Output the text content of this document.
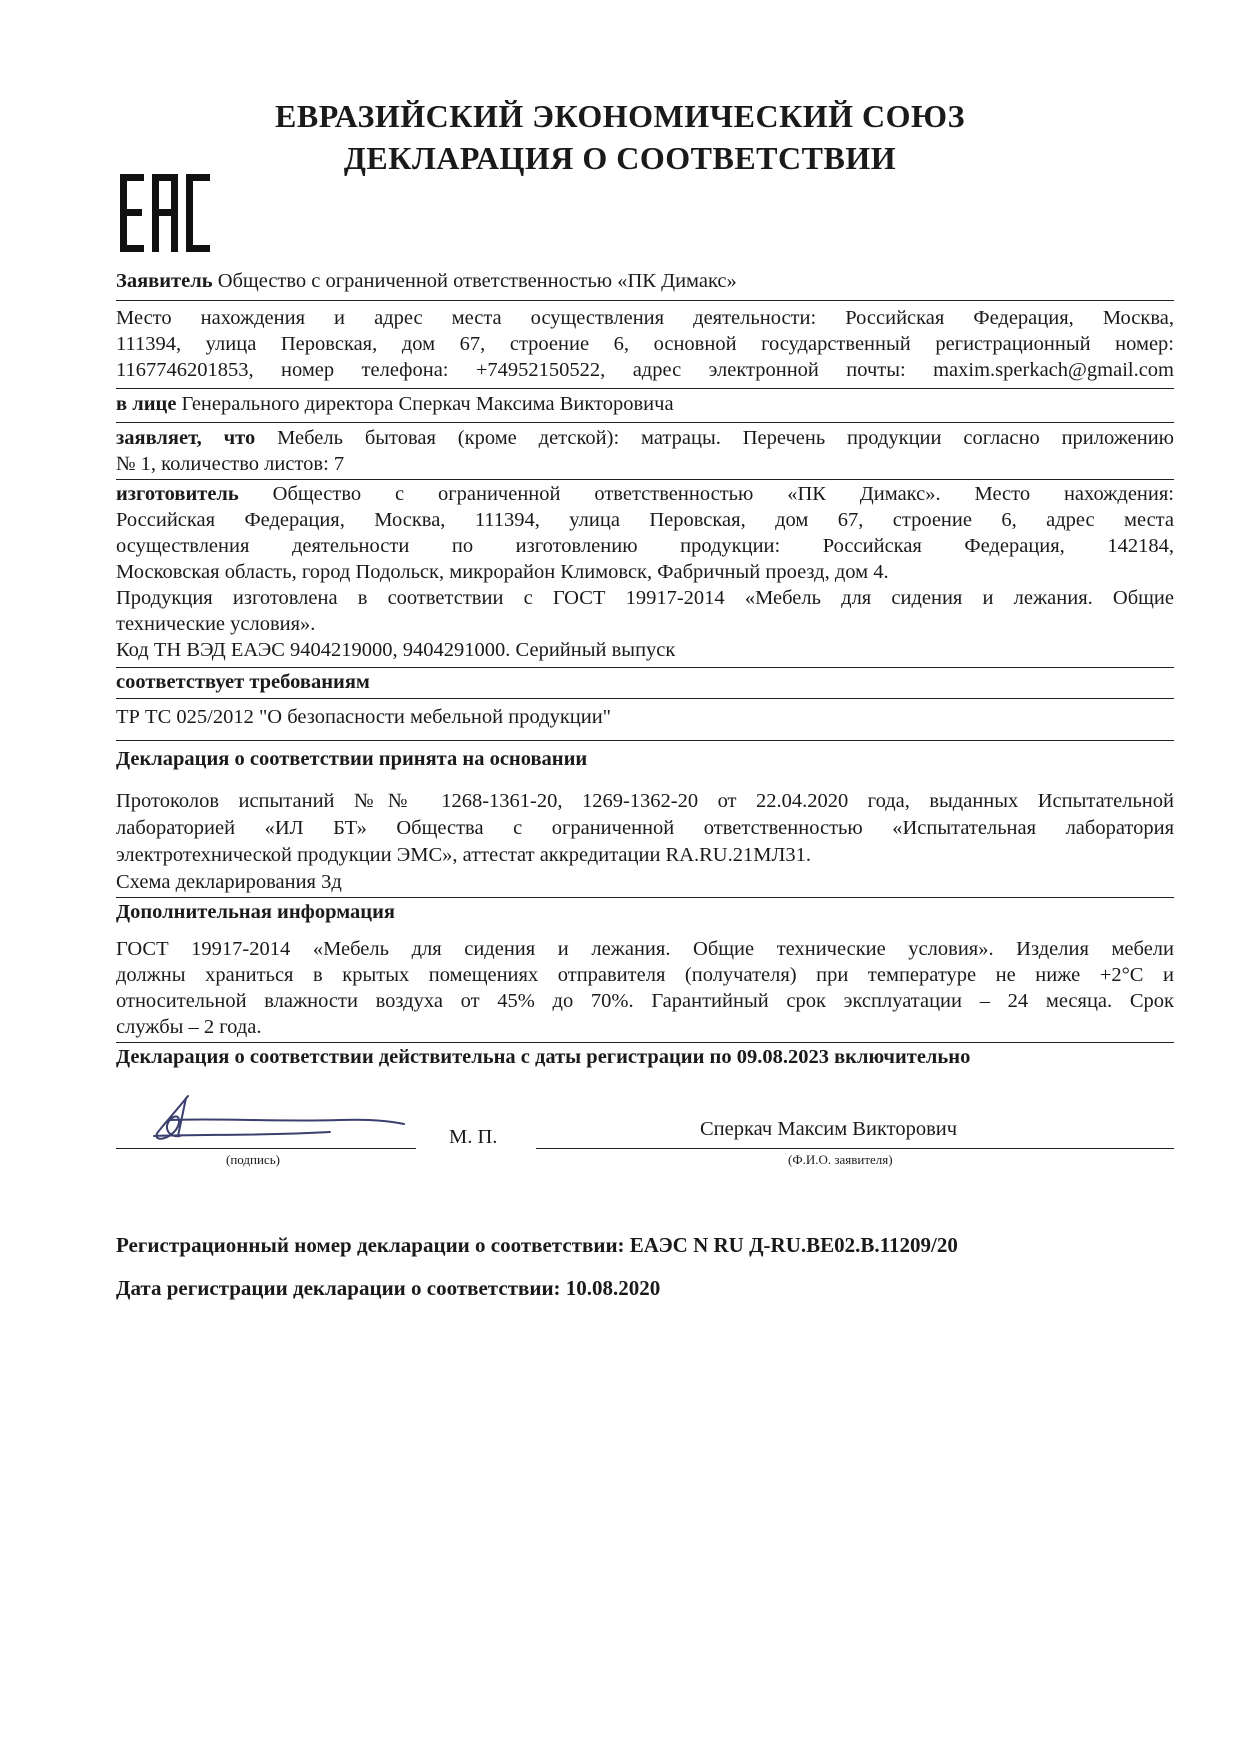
ЕВРАЗИЙСКИЙ ЭКОНОМИЧЕСКИЙ СОЮЗ
ДЕКЛАРАЦИЯ О СООТВЕТСТВИИ
Заявитель Общество с ограниченной ответственностью «ПК Димакс»
Место нахождения и адрес места осуществления деятельности: Российская Федерация, Москва,
111394, улица Перовская, дом 67, строение 6, основной государственный регистрационный номер:
1167746201853, номер телефона: +74952150522, адрес электронной почты: maxim.sperkach@gmail.com
в лице Генерального директора Сперкач Максима Викторовича
заявляет, что Мебель бытовая (кроме детской): матрацы. Перечень продукции согласно приложению
№ 1, количество листов: 7
изготовитель Общество с ограниченной ответственностью «ПК Димакс». Место нахождения:
Российская Федерация, Москва, 111394, улица Перовская, дом 67, строение 6, адрес места
осуществления деятельности по изготовлению продукции: Российская Федерация, 142184,
Московская область, город Подольск, микрорайон Климовск, Фабричный проезд, дом 4.
Продукция изготовлена в соответствии с ГОСТ 19917-2014 «Мебель для сидения и лежания. Общие
технические условия».
Код ТН ВЭД ЕАЭС 9404219000, 9404291000. Серийный выпуск
соответствует требованиям
ТР ТС 025/2012 "О безопасности мебельной продукции"
Декларация о соответствии принята на основании
Протоколов испытаний №№ 1268-1361-20, 1269-1362-20 от 22.04.2020 года, выданных Испытательной
лабораторией «ИЛ БТ» Общества с ограниченной ответственностью «Испытательная лаборатория
электротехнической продукции ЭМС», аттестат аккредитации RA.RU.21МЛ31.
Схема декларирования 3д
Дополнительная информация
ГОСТ 19917-2014 «Мебель для сидения и лежания. Общие технические условия». Изделия мебели
должны храниться в крытых помещениях отправителя (получателя) при температуре не ниже +2°С и
относительной влажности воздуха от 45% до 70%. Гарантийный срок эксплуатации – 24 месяца. Срок
службы – 2 года.
Декларация о соответствии действительна с даты регистрации по 09.08.2023 включительно
(подпись)
М. П.	Сперкач Максим Викторович
(Ф.И.О. заявителя)
Регистрационный номер декларации о соответствии: ЕАЭС N RU Д-RU.BE02.B.11209/20
Дата регистрации декларации о соответствии: 10.08.2020
